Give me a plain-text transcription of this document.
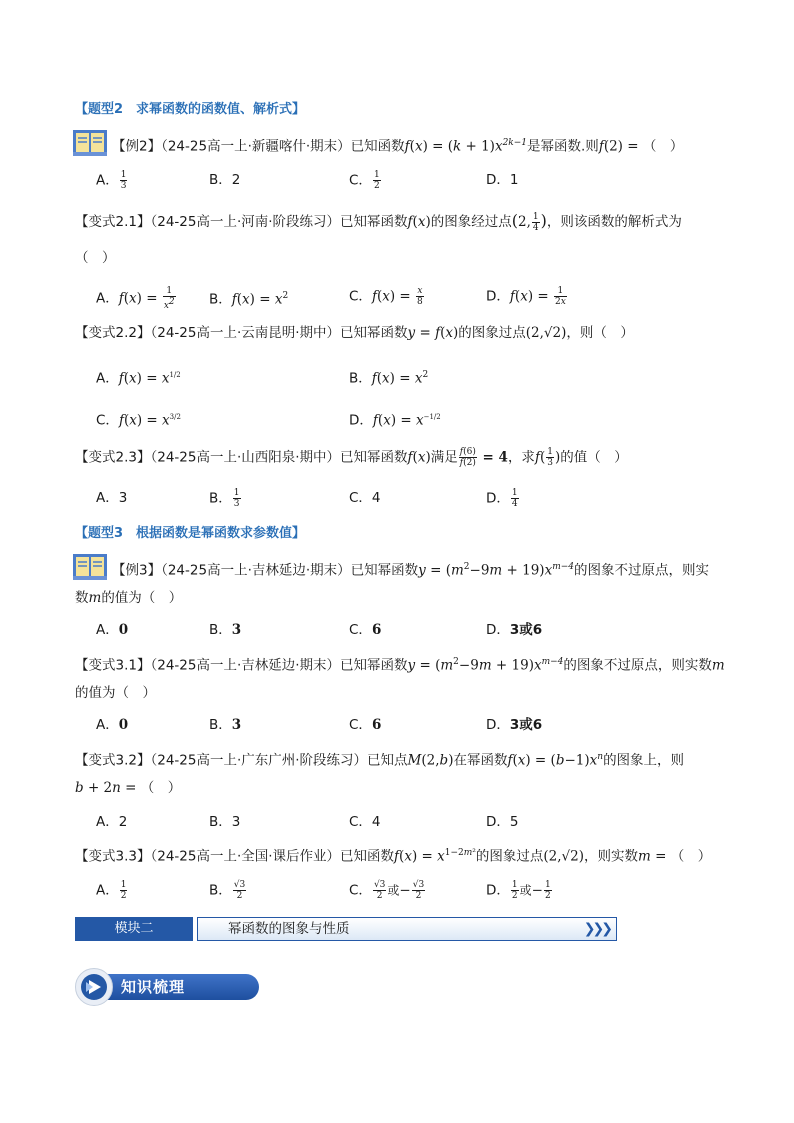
【题型2　求幂函数的函数值、解析式】
【例2】（24-25高一上·新疆喀什·期末）已知函数$f(x) = (k + 1)x^{2k-1}$是幂函数.则f(2) = （　）
A． $\frac{1}{3}$	B．2	C． $\frac{1}{2}$	D．1
【变式2.1】（24-25高一上·河南·阶段练习）已知幂函数f(x)的图象经过点(2, $\frac{1}{4}$ )，则该函数的解析式为
（　）
A．$f(x) = \frac{1}{x^2}$ B．$f(x) = x^2$	C．$f(x) = \frac{x}{8}$	D．$f(x) = \frac{1}{2x}$
【变式2.2】（24-25高一上·云南昆明·期中）已知幂函数y = f(x)的图象过点(2,√2)，则（　）
A．$f(x) = x^{1/2}$	B．$f(x) = x^2$
C．$f(x) = x^{3/2}$	D．$f(x) = x^{-1/2}$
【变式2.3】（24-25高一上·山西阳泉·期中）已知幂函数f(x)满足 $\frac{f(6)}{f(2)} = 4$，求$f( \frac{1}{3}$ )的值（　）
A．3	B． $\frac{1}{3}$	C．4	D． $\frac{1}{4}$
【题型3　根据函数是幂函数求参数值】
【例3】（24-25高一上·吉林延边·期末）已知幂函数$y = (m^2-9m + 19)x^{m-4}$的图象不过原点，则实
数m的值为（　）
A．0	B．3	C．6	D．3或6
【变式3.1】（24-25高一上·吉林延边·期末）已知幂函数$y = (m^2-9m + 19)x^{m-4}$的图象不过原点，则实数m
的值为（　）
A．0	B．3	C．6	D．3或6
【变式3.2】（24-25高一上·广东广州·阶段练习）已知点M(2,b)在幂函数$f(x) = (b-1)x^n$的图象上，则
b + 2n = （　）
A．2	B．3	C．4	D．5
【变式3.3】（24-25高一上·全国·课后作业）已知函数$f(x) = x^{1-2m^2}$的图象过点(2,√2)，则实数m = （　）
A． $\frac{1}{2}$	B． $\frac{√3}{2}$	C． $\frac{√3}{2}$ 或− $\frac{√3}{2}$	D． $\frac{1}{2}$ 或− $\frac{1}{2}$
模块二	幂函数的图象与性质	❯❯❯
知识梳理
